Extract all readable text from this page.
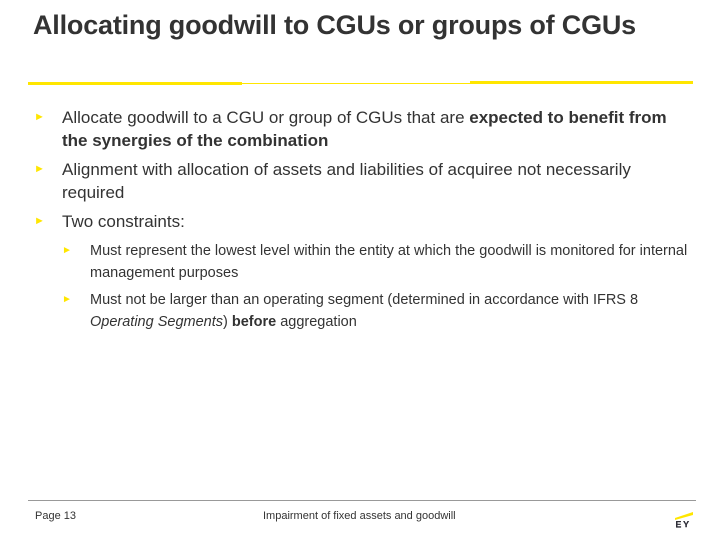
Allocating goodwill to CGUs or groups of CGUs
► Allocate goodwill to a CGU or group of CGUs that are expected to benefit from the synergies of the combination
► Alignment with allocation of assets and liabilities of acquiree not necessarily required
► Two constraints:
► Must represent the lowest level within the entity at which the goodwill is monitored for internal management purposes
► Must not be larger than an operating segment (determined in accordance with IFRS 8 Operating Segments) before aggregation
Page 13	Impairment of fixed assets and goodwill
